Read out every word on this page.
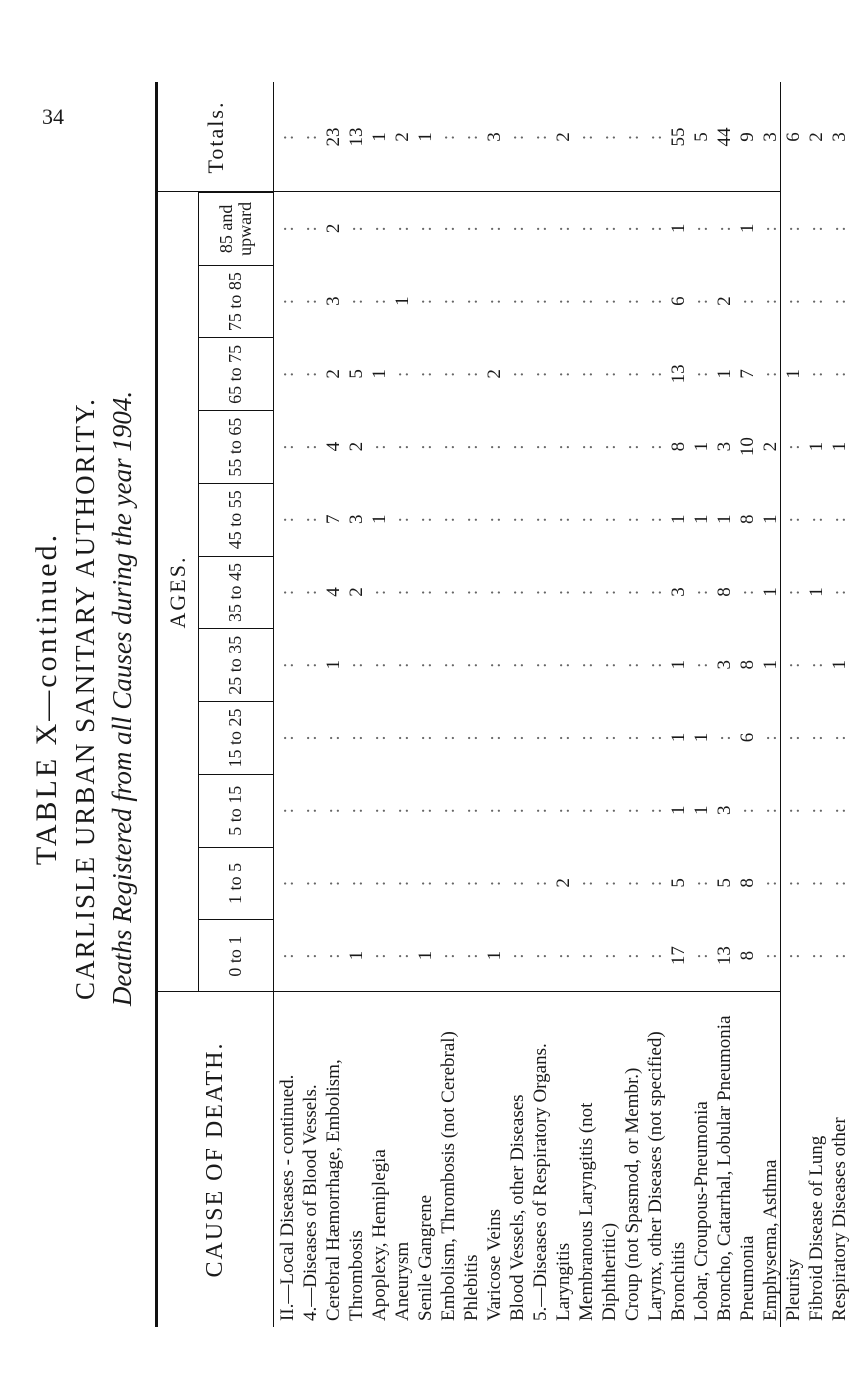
34
TABLE X—continued. CARLISLE URBAN SANITARY AUTHORITY. Deaths Registered from all Causes during the year 1904.
CAUSE OF DEATH.	II.—Local Diseases - continued. 4.—Diseases of Blood Vessels. Cerebral Hæmorrhage, Embolism, Thrombosis Apoplexy, Hemiplegia Aneurysm Senile Gangrene Embolism, Thrombosis (not Cerebral) Phlebitis Varicose Veins Blood Vessels, other Diseases 5.—Diseases of Respiratory Organs. Laryngitis Membranous Laryngitis (not Diphtheritic) Croup (not Spasmod, or Membr.) Larynx, other Diseases (not specified) Bronchitis Lobar, Croupous-Pneumonia Broncho, Catarrhal, Lobular Pneumonia Pneumonia Emphysema, Asthma Pleurisy Fibroid Disease of Lung Respiratory Diseases other
AGES.
0 to 1
1 to 5
5 to 15
15 to 25
25 to 35
35 to 45
45 to 55
55 to 65
65 to 75
75 to 85
85 and upward
Totals.
:
:
:
:
:
:
:
:
:
:
:
:
:
:
:
:
:
:
:
:
:
:
:
:
:
:
:
:
1
4
7
4
2
3
2
23
1
:
:
:
:
2
3
2
5
:
:
13
:
:
:
:
:
:
1
:
1
:
:
1
:
:
:
:
:
:
:
:
:
1
:
2
1
:
:
:
:
:
:
:
:
:
:
1
:
:
:
:
:
:
:
:
:
:
:
:
:
:
:
:
:
:
:
:
:
:
:
:
1
:
:
:
:
:
:
:
2
:
:
3
:
:
:
:
:
:
:
:
:
:
:
:
:
:
:
:
:
:
:
:
:
:
:
:
:
2
:
:
:
:
:
:
:
:
:
2
:
:
:
:
:
:
:
:
:
:
:
:
:
:
:
:
:
:
:
:
:
:
:
:
:
:
:
:
:
:
:
:
:
:
:
:
:
:
:
:
:
:
:
:
:
:
:
:
17
5
1
1
1
3
1
8
13
6
1
55
:
:
1
1
:
:
1
1
:
:
:
5
13
5
3
:
3
8
1
3
1
2
:
44
8
8
:
6
8
:
8
10
7
:
1
9
:
:
:
:
1
1
1
2
:
:
:
3
:
:
:
:
:
:
:
:
1
:
:
6
:
:
:
:
:
1
:
1
:
:
:
2
:
:
:
:
1
:
:
1
:
:
:
3
